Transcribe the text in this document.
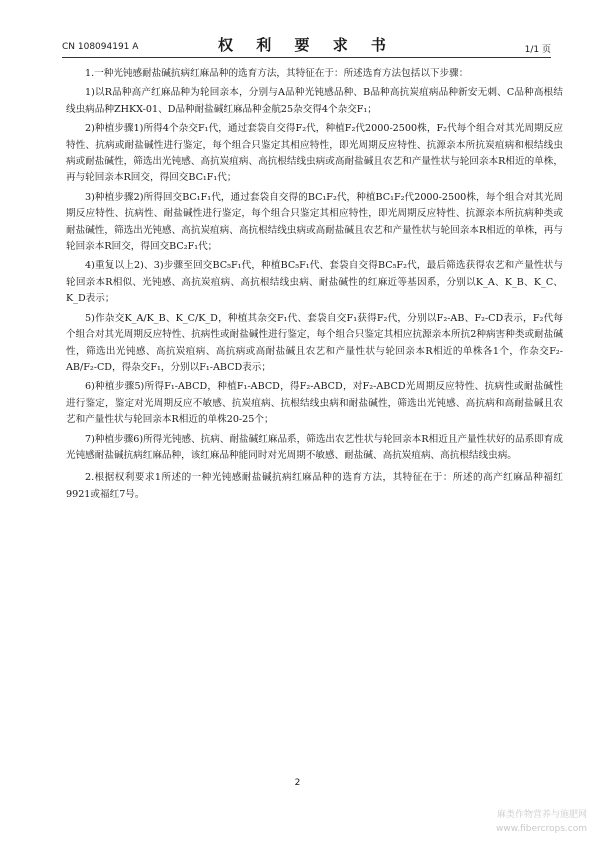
CN 108094191 A	权 利 要 求 书	1/1 页

1.一种光钝感耐盐碱抗病红麻品种的选育方法，其特征在于：所述选育方法包括以下步骤：

1)以R品种高产红麻品种为轮回亲本，分别与A品种光钝感品种、B品种高抗炭疽病品种新安无刺、C品种高根结线虫病品种ZHKX-01、D品种耐盐碱红麻品种金航25杂交得4个杂交F₁；

2)种植步骤1)所得4个杂交F₁代，通过套袋自交得F₂代，种植F₂代2000-2500株，F₂代每个组合对其光周期反应特性、抗病或耐盐碱性进行鉴定，每个组合只鉴定其相应特性，即光周期反应特性、抗源亲本所抗炭疽病和根结线虫病或耐盐碱性，筛选出光钝感、高抗炭疽病、高抗根结线虫病或高耐盐碱且农艺和产量性状与轮回亲本R相近的单株，再与轮回亲本R回交，得回交BC₁F₁代；

3)种植步骤2)所得回交BC₁F₁代，通过套袋自交得的BC₁F₂代，种植BC₁F₂代2000-2500株，每个组合对其光周期反应特性、抗病性、耐盐碱性进行鉴定，每个组合只鉴定其相应特性，即光周期反应特性、抗源亲本所抗病种类或耐盐碱性，筛选出光钝感、高抗炭疽病、高抗根结线虫病或高耐盐碱且农艺和产量性状与轮回亲本R相近的单株，再与轮回亲本R回交，得回交BC₂F₁代；

4)重复以上2)、3)步骤至回交BC₅F₁代，种植BC₅F₁代、套袋自交得BC₅F₂代，最后筛选获得农艺和产量性状与轮回亲本R相似、光钝感、高抗炭疽病、高抗根结线虫病、耐盐碱性的红麻近等基因系，分别以K_A、K_B、K_C、K_D表示；

5)作杂交K_A/K_B、K_C/K_D，种植其杂交F₁代、套袋自交F₁获得F₂代，分别以F₂-AB、F₂-CD表示，F₂代每个组合对其光周期反应特性、抗病性或耐盐碱性进行鉴定，每个组合只鉴定其相应抗源亲本所抗2种病害种类或耐盐碱性，筛选出光钝感、高抗炭疽病、高抗病或高耐盐碱且农艺和产量性状与轮回亲本R相近的单株各1个，作杂交F₂-AB/F₂-CD，得杂交F₁，分别以F₁-ABCD表示；

6)种植步骤5)所得F₁-ABCD，种植F₁-ABCD，得F₂-ABCD，对F₂-ABCD光周期反应特性、抗病性或耐盐碱性进行鉴定，鉴定对光周期反应不敏感、抗炭疽病、抗根结线虫病和耐盐碱性，筛选出光钝感、高抗病和高耐盐碱且农艺和产量性状与轮回亲本R相近的单株20-25个；

7)种植步骤6)所得光钝感、抗病、耐盐碱红麻品系，筛选出农艺性状与轮回亲本R相近且产量性状好的品系即育成光钝感耐盐碱抗病红麻品种，该红麻品种能同时对光周期不敏感、耐盐碱、高抗炭疽病、高抗根结线虫病。

2.根据权利要求1所述的一种光钝感耐盐碱抗病红麻品种的选育方法，其特征在于：所述的高产红麻品种福红9921或福红7号。

2
麻类作物营养与施肥网
www.fibercrops.com
